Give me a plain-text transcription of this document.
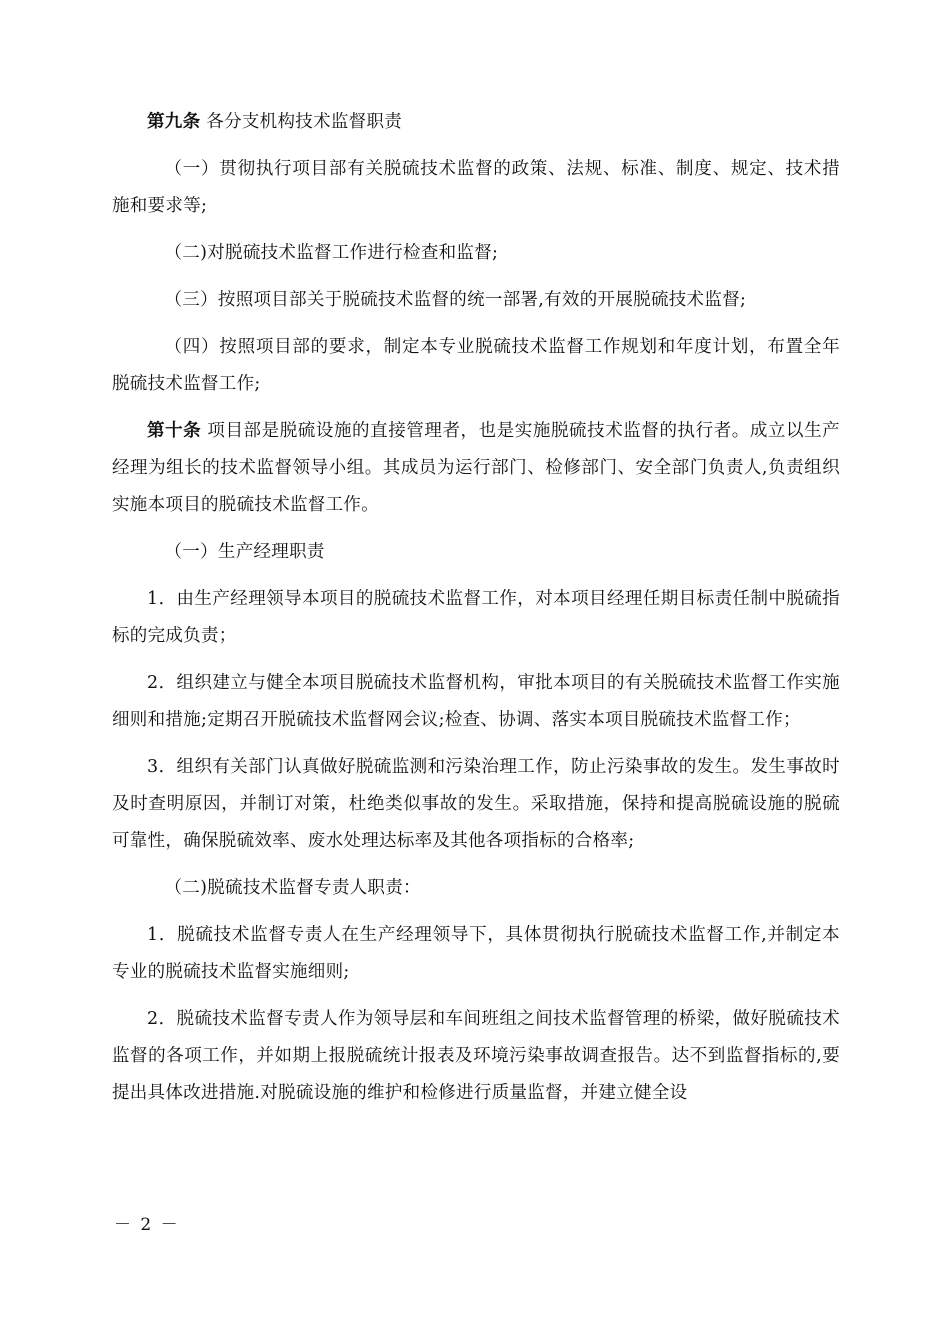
第九条 各分支机构技术监督职责

（一）贯彻执行项目部有关脱硫技术监督的政策、法规、标准、制度、规定、技术措施和要求等;

（二)对脱硫技术监督工作进行检查和监督;

（三）按照项目部关于脱硫技术监督的统一部署,有效的开展脱硫技术监督;

（四）按照项目部的要求，制定本专业脱硫技术监督工作规划和年度计划，布置全年脱硫技术监督工作;

第十条 项目部是脱硫设施的直接管理者，也是实施脱硫技术监督的执行者。成立以生产经理为组长的技术监督领导小组。其成员为运行部门、检修部门、安全部门负责人,负责组织实施本项目的脱硫技术监督工作。

（一）生产经理职责

1．由生产经理领导本项目的脱硫技术监督工作，对本项目经理任期目标责任制中脱硫指标的完成负责；

2．组织建立与健全本项目脱硫技术监督机构，审批本项目的有关脱硫技术监督工作实施细则和措施;定期召开脱硫技术监督网会议;检查、协调、落实本项目脱硫技术监督工作；

3．组织有关部门认真做好脱硫监测和污染治理工作，防止污染事故的发生。发生事故时及时查明原因，并制订对策，杜绝类似事故的发生。采取措施，保持和提高脱硫设施的脱硫可靠性，确保脱硫效率、废水处理达标率及其他各项指标的合格率;

（二)脱硫技术监督专责人职责：

1．脱硫技术监督专责人在生产经理领导下，具体贯彻执行脱硫技术监督工作,并制定本专业的脱硫技术监督实施细则;

2．脱硫技术监督专责人作为领导层和车间班组之间技术监督管理的桥梁，做好脱硫技术监督的各项工作，并如期上报脱硫统计报表及环境污染事故调查报告。达不到监督指标的,要提出具体改进措施.对脱硫设施的维护和检修进行质量监督，并建立健全设

－ 2 －
